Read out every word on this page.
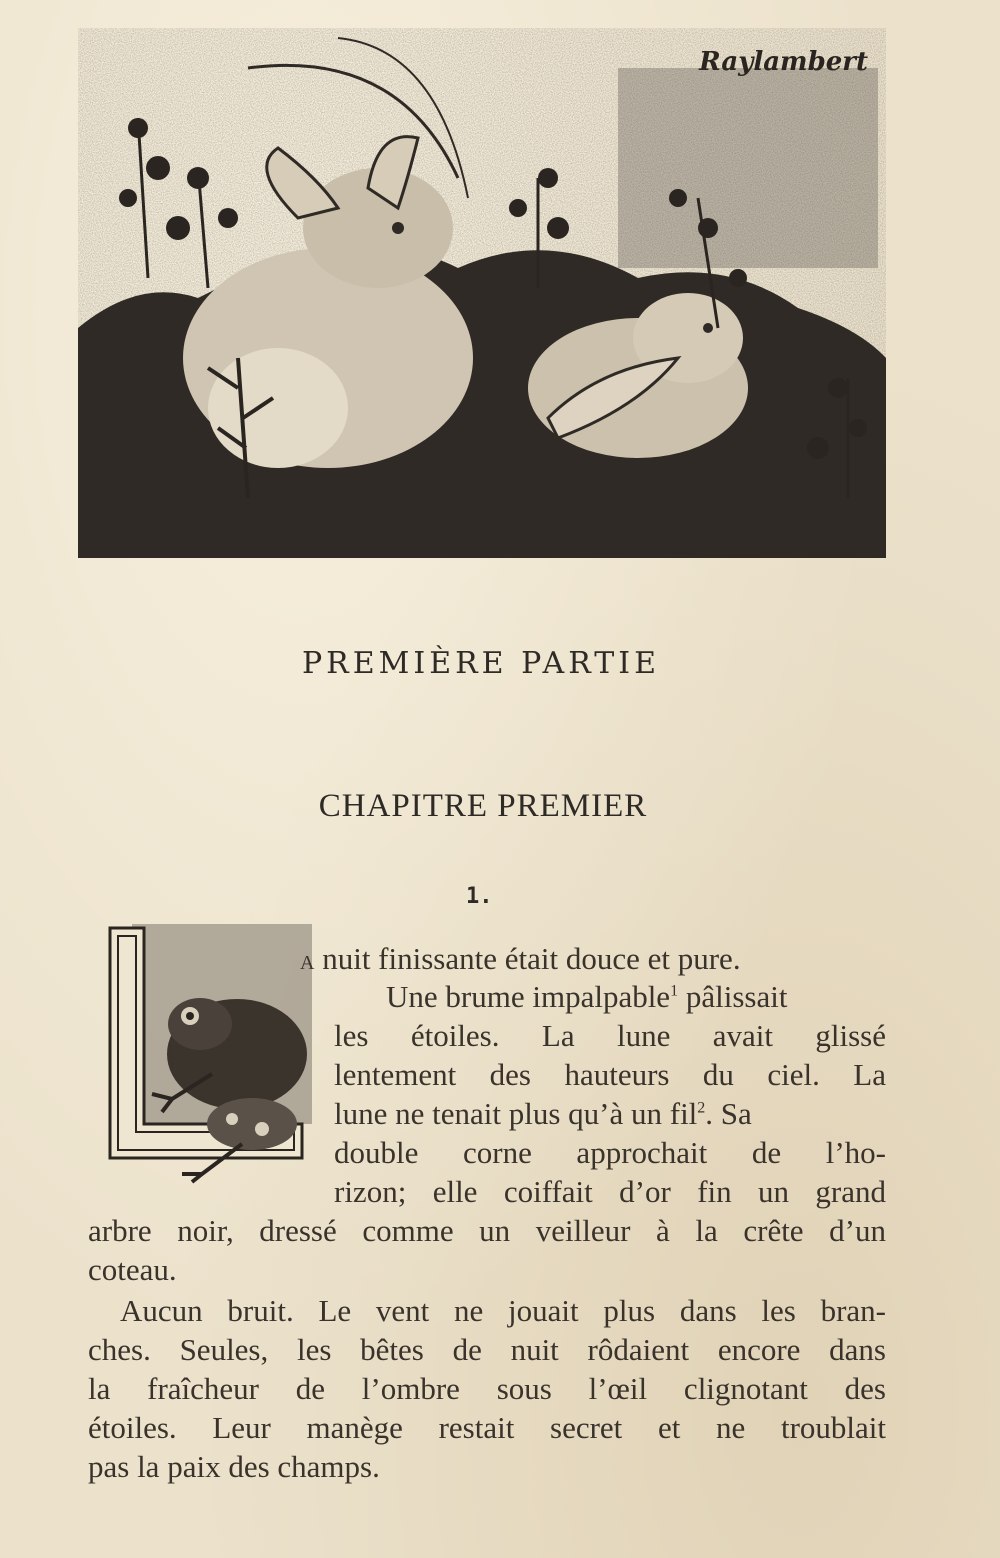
Raylambert
PREMIÈRE PARTIE
CHAPITRE PREMIER
1.
A nuit finissante était douce et pure.
Une brume impalpable$^1$ pâlissait
les étoiles. La lune avait glissé
lentement des hauteurs du ciel. La
lune ne tenait plus qu’à un fil$^2$. Sa
double corne approchait de l’ho-
rizon; elle coiffait d’or fin un grand
arbre noir, dressé comme un veilleur à la crête d’un
coteau.
Aucun bruit. Le vent ne jouait plus dans les bran-
ches. Seules, les bêtes de nuit rôdaient encore dans
la fraîcheur de l’ombre sous l’œil clignotant des
étoiles. Leur manège restait secret et ne troublait
pas la paix des champs.
